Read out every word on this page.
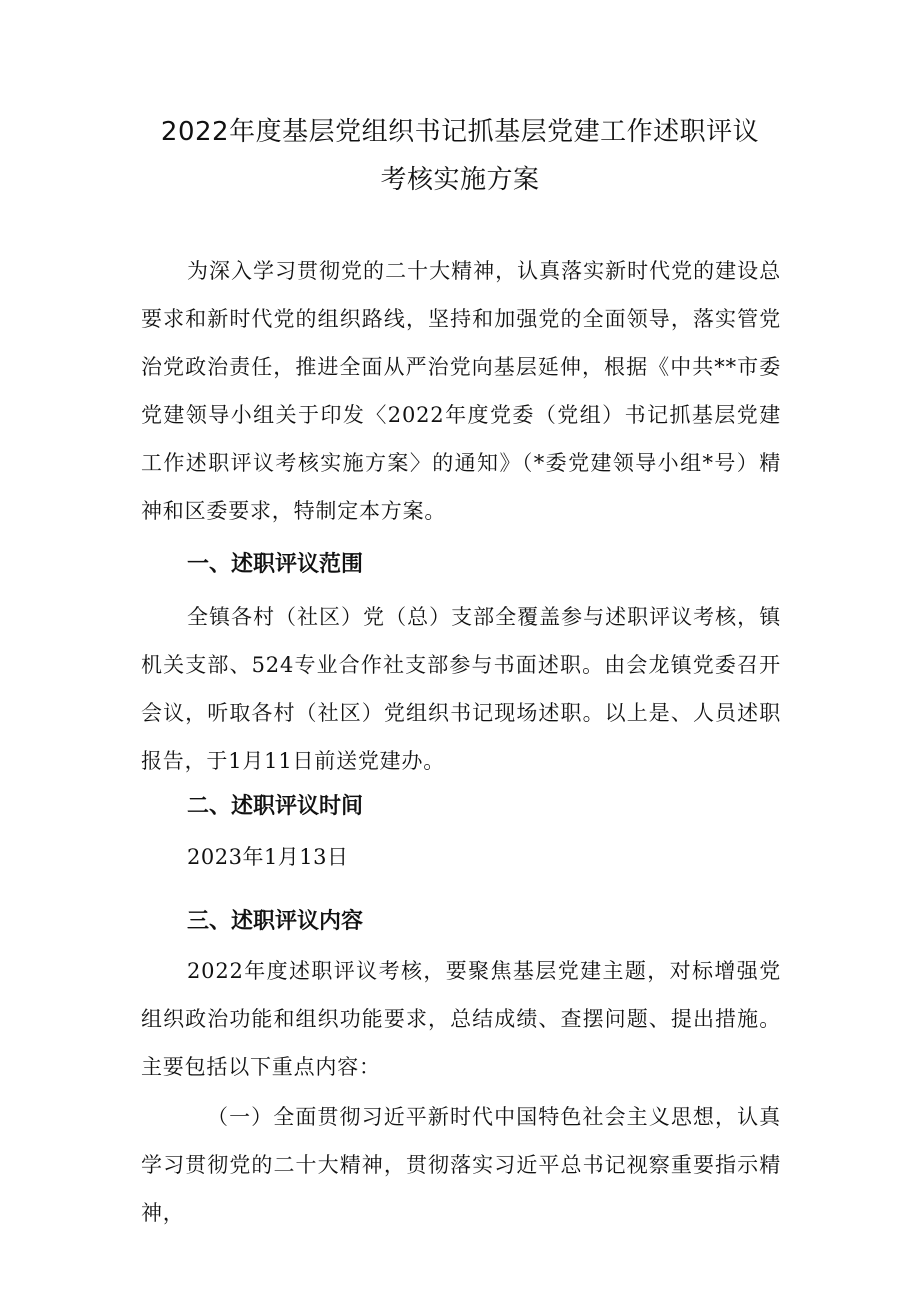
2022年度基层党组织书记抓基层党建工作述职评议
考核实施方案

为深入学习贯彻党的二十大精神，认真落实新时代党的建设总要求和新时代党的组织路线，坚持和加强党的全面领导，落实管党治党政治责任，推进全面从严治党向基层延伸，根据《中共**市委党建领导小组关于印发〈2022年度党委（党组）书记抓基层党建工作述职评议考核实施方案〉的通知》（*委党建领导小组*号）精神和区委要求，特制定本方案。

一、述职评议范围

全镇各村（社区）党（总）支部全覆盖参与述职评议考核，镇机关支部、524专业合作社支部参与书面述职。由会龙镇党委召开会议，听取各村（社区）党组织书记现场述职。以上是、人员述职报告，于1月11日前送党建办。

二、述职评议时间

2023年1月13日

三、述职评议内容

2022年度述职评议考核，要聚焦基层党建主题，对标增强党组织政治功能和组织功能要求，总结成绩、查摆问题、提出措施。主要包括以下重点内容：

（一）全面贯彻习近平新时代中国特色社会主义思想，认真学习贯彻党的二十大精神，贯彻落实习近平总书记视察重要指示精神，
